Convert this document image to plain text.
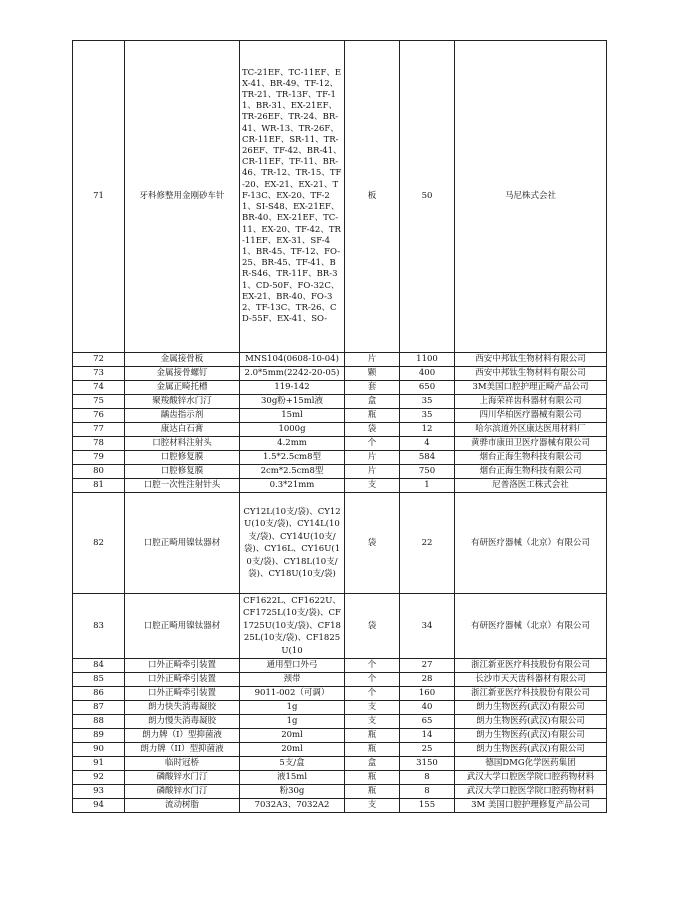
71	牙科修整用金刚砂车针	TC-21EF、TC-11EF、EX-41、BR-49、TF-12、TR-21、TR-13F、TF-11、BR-31、EX-21EF、TR-26EF、TR-24、BR-41、WR-13、TR-26F、CR-11EF、SR-11、TR-26EF、TF-42、BR-41、CR-11EF、TF-11、BR-46、TR-12、TR-15、TF-20、EX-21、EX-21、TF-13C、EX-20、TF-21、SI-S48、EX-21EF、BR-40、EX-21EF、TC-11、EX-20、TF-42、TR-11EF、EX-31、SF-41、BR-45、TF-12、FO-25、BR-45、TF-41、BR-S46、TR-11F、BR-31、CD-50F、FO-32C、EX-21、BR-40、FO-32、TF-13C、TR-26、CD-55F、EX-41、SO-	板	50	马尼株式会社
72	金属接骨板	MNS104(0608-10-04)	片	1100	西安中邦钛生物材料有限公司
73	金属接骨螺钉	2.0*5mm(2242-20-05)	颗	400	西安中邦钛生物材料有限公司
74	金属正畸托槽	119-142	套	650	3M美国口腔护理正畸产品公司
75	聚羧酸锌水门汀	30g粉+15ml液	盒	35	上海荣祥齿科器材有限公司
76	龋齿指示剂	15ml	瓶	35	四川华柏医疗器械有限公司
77	康达白石膏	1000g	袋	12	哈尔滨道外区康达医用材料厂
78	口腔材料注射头	4.2mm	个	4	黄骅市康田卫医疗器械有限公司
79	口腔修复膜	1.5*2.5cm8型	片	584	烟台正海生物科技有限公司
80	口腔修复膜	2cm*2.5cm8型	片	750	烟台正海生物科技有限公司
81	口腔一次性注射针头	0.3*21mm	支	1	尼普洛医工株式会社
82	口腔正畸用镍钛器材	CY12L(10支/袋)、CY12U(10支/袋)、CY14L(10支/袋)、CY14U(10支/袋)、CY16L、CY16U(10支/袋)、CY18L(10支/袋)、CY18U(10支/袋)	袋	22	有研医疗器械（北京）有限公司
83	口腔正畸用镍钛器材	CF1622L、CF1622U、CF1725L(10支/袋)、CF1725U(10支/袋)、CF1825L(10支/袋)、CF1825U(10	袋	34	有研医疗器械（北京）有限公司
84	口外正畸牵引装置	通用型口外弓	个	27	浙江新亚医疗科技股份有限公司
85	口外正畸牵引装置	颈带	个	28	长沙市天天齿科器材有限公司
86	口外正畸牵引装置	9011-002（可调）	个	160	浙江新亚医疗科技股份有限公司
87	朗力快失消毒凝胶	1g	支	40	朗力生物医药(武汉)有限公司
88	朗力慢失消毒凝胶	1g	支	65	朗力生物医药(武汉)有限公司
89	朗力牌（I）型抑菌液	20ml	瓶	14	朗力生物医药(武汉)有限公司
90	朗力牌（II）型抑菌液	20ml	瓶	25	朗力生物医药(武汉)有限公司
91	临时冠桥	5支/盒	盒	3150	德国DMG化学医药集团
92	磷酸锌水门汀	液15ml	瓶	8	武汉大学口腔医学院口腔药物材料
93	磷酸锌水门汀	粉30g	瓶	8	武汉大学口腔医学院口腔药物材料
94	流动树脂	7032A3、7032A2	支	155	3M 美国口腔护理修复产品公司
